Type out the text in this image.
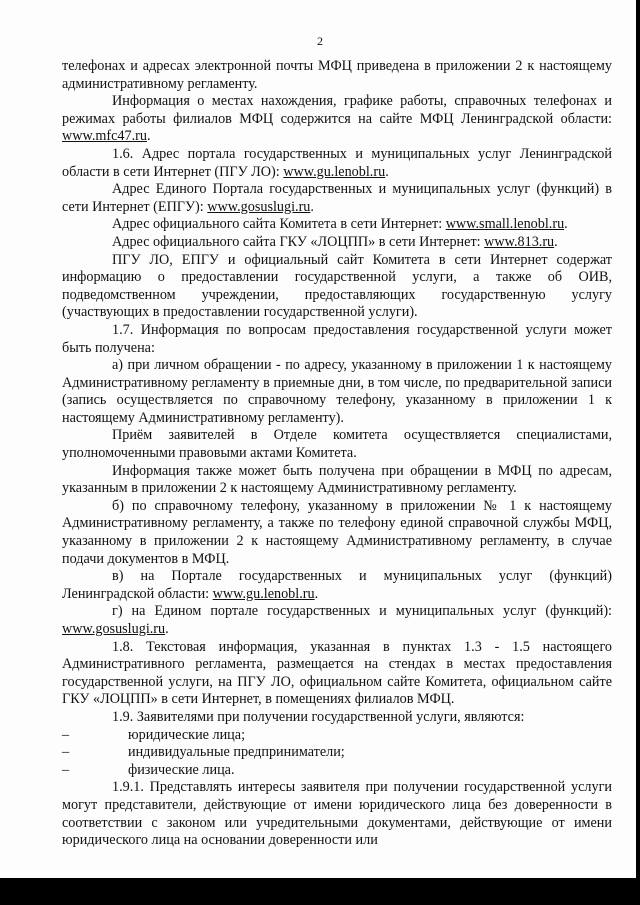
2

телефонах и адресах электронной почты МФЦ приведена в приложении 2 к настоящему административному регламенту.

Информация о местах нахождения, графике работы, справочных телефонах и режимах работы филиалов МФЦ содержится на сайте МФЦ Ленинградской области: www.mfc47.ru.

1.6. Адрес портала государственных и муниципальных услуг Ленинградской области в сети Интернет (ПГУ ЛО): www.gu.lenobl.ru.

Адрес Единого Портала государственных и муниципальных услуг (функций) в сети Интернет (ЕПГУ): www.gosuslugi.ru.

Адрес официального сайта Комитета в сети Интернет: www.small.lenobl.ru.

Адрес официального сайта ГКУ «ЛОЦПП» в сети Интернет: www.813.ru.

ПГУ ЛО, ЕПГУ и официальный сайт Комитета в сети Интернет содержат информацию о предоставлении государственной услуги, а также об ОИВ, подведомственном учреждении, предоставляющих государственную услугу (участвующих в предоставлении государственной услуги).

1.7. Информация по вопросам предоставления государственной услуги может быть получена:

а) при личном обращении - по адресу, указанному в приложении 1 к настоящему Административному регламенту в приемные дни, в том числе, по предварительной записи (запись осуществляется по справочному телефону, указанному в приложении 1 к настоящему Административному регламенту).

Приём заявителей в Отделе комитета осуществляется специалистами, уполномоченными правовыми актами Комитета.

Информация также может быть получена при обращении в МФЦ по адресам, указанным в приложении 2 к настоящему Административному регламенту.

б) по справочному телефону, указанному в приложении № 1 к настоящему Административному регламенту, а также по телефону единой справочной службы МФЦ, указанному в приложении 2 к настоящему Административному регламенту, в случае подачи документов в МФЦ.

в) на Портале государственных и муниципальных услуг (функций) Ленинградской области: www.gu.lenobl.ru.

г) на Едином портале государственных и муниципальных услуг (функций): www.gosuslugi.ru.

1.8. Текстовая информация, указанная в пунктах 1.3 - 1.5 настоящего Административного регламента, размещается на стендах в местах предоставления государственной услуги, на ПГУ ЛО, официальном сайте Комитета, официальном сайте ГКУ «ЛОЦПП» в сети Интернет, в помещениях филиалов МФЦ.

1.9. Заявителями при получении государственной услуги, являются:

–	юридические лица;

–	индивидуальные предприниматели;

–	физические лица.

1.9.1. Представлять интересы заявителя при получении государственной услуги могут представители, действующие от имени юридического лица без доверенности в соответствии с законом или учредительными документами, действующие от имени юридического лица на основании доверенности или
